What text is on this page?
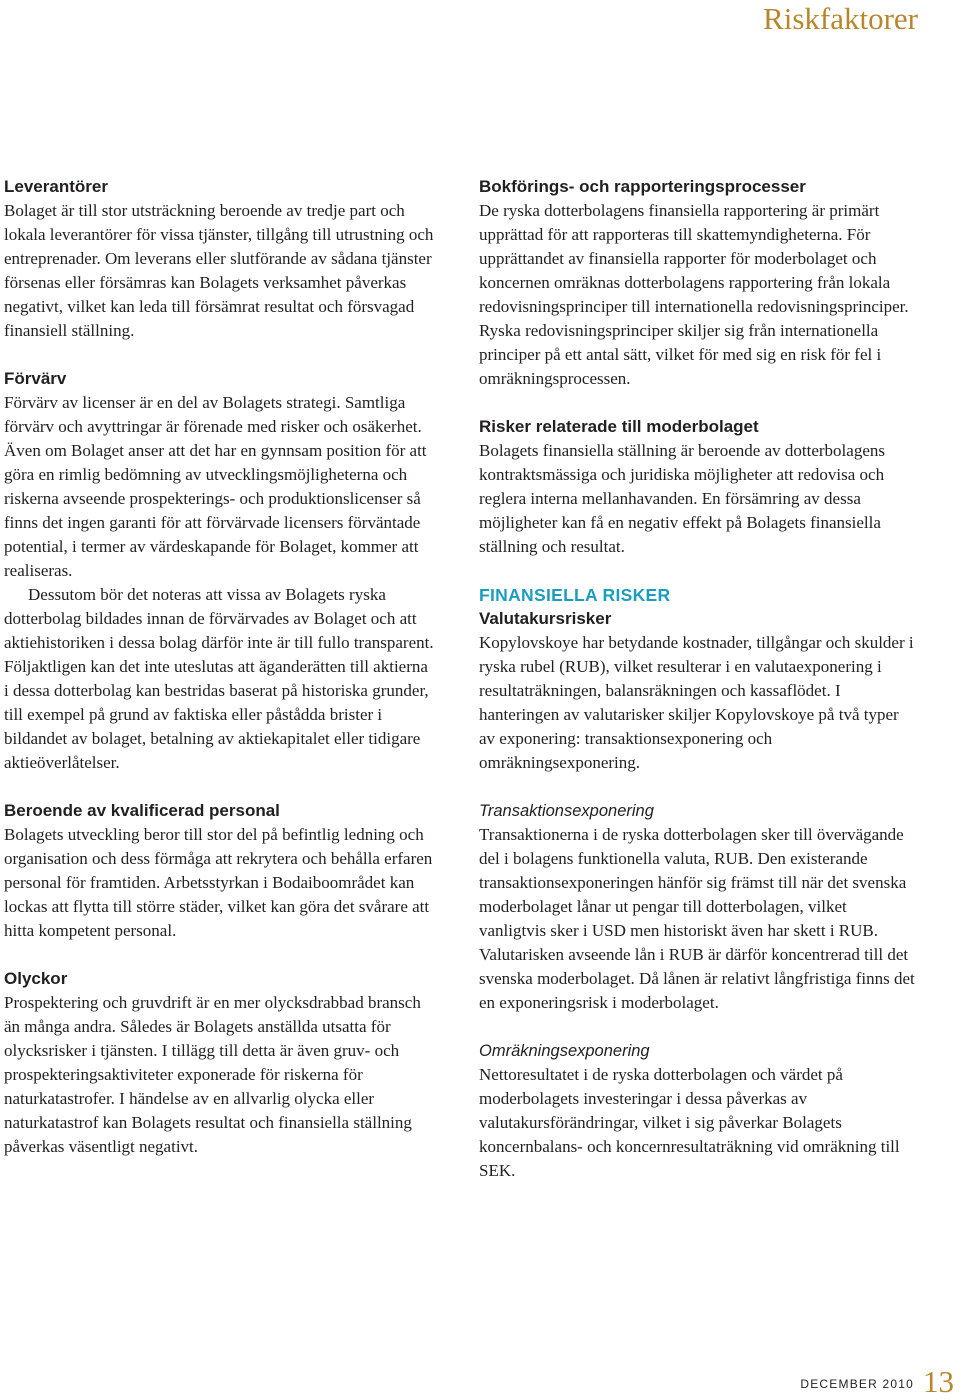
Riskfaktorer
Leverantörer

Bolaget är till stor utsträckning beroende av tredje part och lokala leverantörer för vissa tjänster, tillgång till utrustning och entreprenader. Om leverans eller slutförande av sådana tjänster försenas eller försämras kan Bolagets verksamhet påverkas negativt, vilket kan leda till försämrat resultat och försvagad finansiell ställning.

Förvärv

Förvärv av licenser är en del av Bolagets strategi. Samtliga förvärv och avyttringar är förenade med risker och osäkerhet. Även om Bolaget anser att det har en gynnsam position för att göra en rimlig bedömning av utvecklingsmöjligheterna och riskerna avseende prospekterings- och produktionslicenser så finns det ingen garanti för att förvärvade licensers förväntade potential, i termer av värdeskapande för Bolaget, kommer att realiseras.

Dessutom bör det noteras att vissa av Bolagets ryska dotterbolag bildades innan de förvärvades av Bolaget och att aktiehistoriken i dessa bolag därför inte är till fullo transparent. Följaktligen kan det inte uteslutas att äganderätten till aktierna i dessa dotterbolag kan bestridas baserat på historiska grunder, till exempel på grund av faktiska eller påstådda brister i bildandet av bolaget, betalning av aktiekapitalet eller tidigare aktieöverlåtelser.

Beroende av kvalificerad personal

Bolagets utveckling beror till stor del på befintlig ledning och organisation och dess förmåga att rekrytera och behålla erfaren personal för framtiden. Arbetsstyrkan i Bodaiboområdet kan lockas att flytta till större städer, vilket kan göra det svårare att hitta kompetent personal.

Olyckor

Prospektering och gruvdrift är en mer olycksdrabbad bransch än många andra. Således är Bolagets anställda utsatta för olycksrisker i tjänsten. I tillägg till detta är även gruv- och prospekteringsaktiviteter exponerade för riskerna för naturkatastrofer. I händelse av en allvarlig olycka eller naturkatastrof kan Bolagets resultat och finansiella ställning påverkas väsentligt negativt.

Bokförings- och rapporteringsprocesser

De ryska dotterbolagens finansiella rapportering är primärt upprättad för att rapporteras till skattemyndigheterna. För upprättandet av finansiella rapporter för moderbolaget och koncernen omräknas dotterbolagens rapportering från lokala redovisningsprinciper till internationella redovisningsprinciper. Ryska redovisningsprinciper skiljer sig från internationella principer på ett antal sätt, vilket för med sig en risk för fel i omräkningsprocessen.

Risker relaterade till moderbolaget

Bolagets finansiella ställning är beroende av dotterbolagens kontraktsmässiga och juridiska möjligheter att redovisa och reglera interna mellanhavanden. En försämring av dessa möjligheter kan få en negativ effekt på Bolagets finansiella ställning och resultat.

FINANSIELLA RISKER
Valutakursrisker

Kopylovskoye har betydande kostnader, tillgångar och skulder i ryska rubel (RUB), vilket resulterar i en valutaexponering i resultaträkningen, balansräkningen och kassaflödet. I hanteringen av valutarisker skiljer Kopylovskoye på två typer av exponering: transaktionsexponering och omräkningsexponering.

Transaktionsexponering

Transaktionerna i de ryska dotterbolagen sker till övervägande del i bolagens funktionella valuta, RUB. Den existerande transaktionsexponeringen hänför sig främst till när det svenska moderbolaget lånar ut pengar till dotterbolagen, vilket vanligtvis sker i USD men historiskt även har skett i RUB. Valutarisken avseende lån i RUB är därför koncentrerad till det svenska moderbolaget. Då lånen är relativt långfristiga finns det en exponeringsrisk i moderbolaget.

Omräkningsexponering

Nettoresultatet i de ryska dotterbolagen och värdet på moderbolagets investeringar i dessa påverkas av valutakursförändringar, vilket i sig påverkar Bolagets koncernbalans- och koncernresultaträkning vid omräkning till SEK.

DECEMBER 2010 13
